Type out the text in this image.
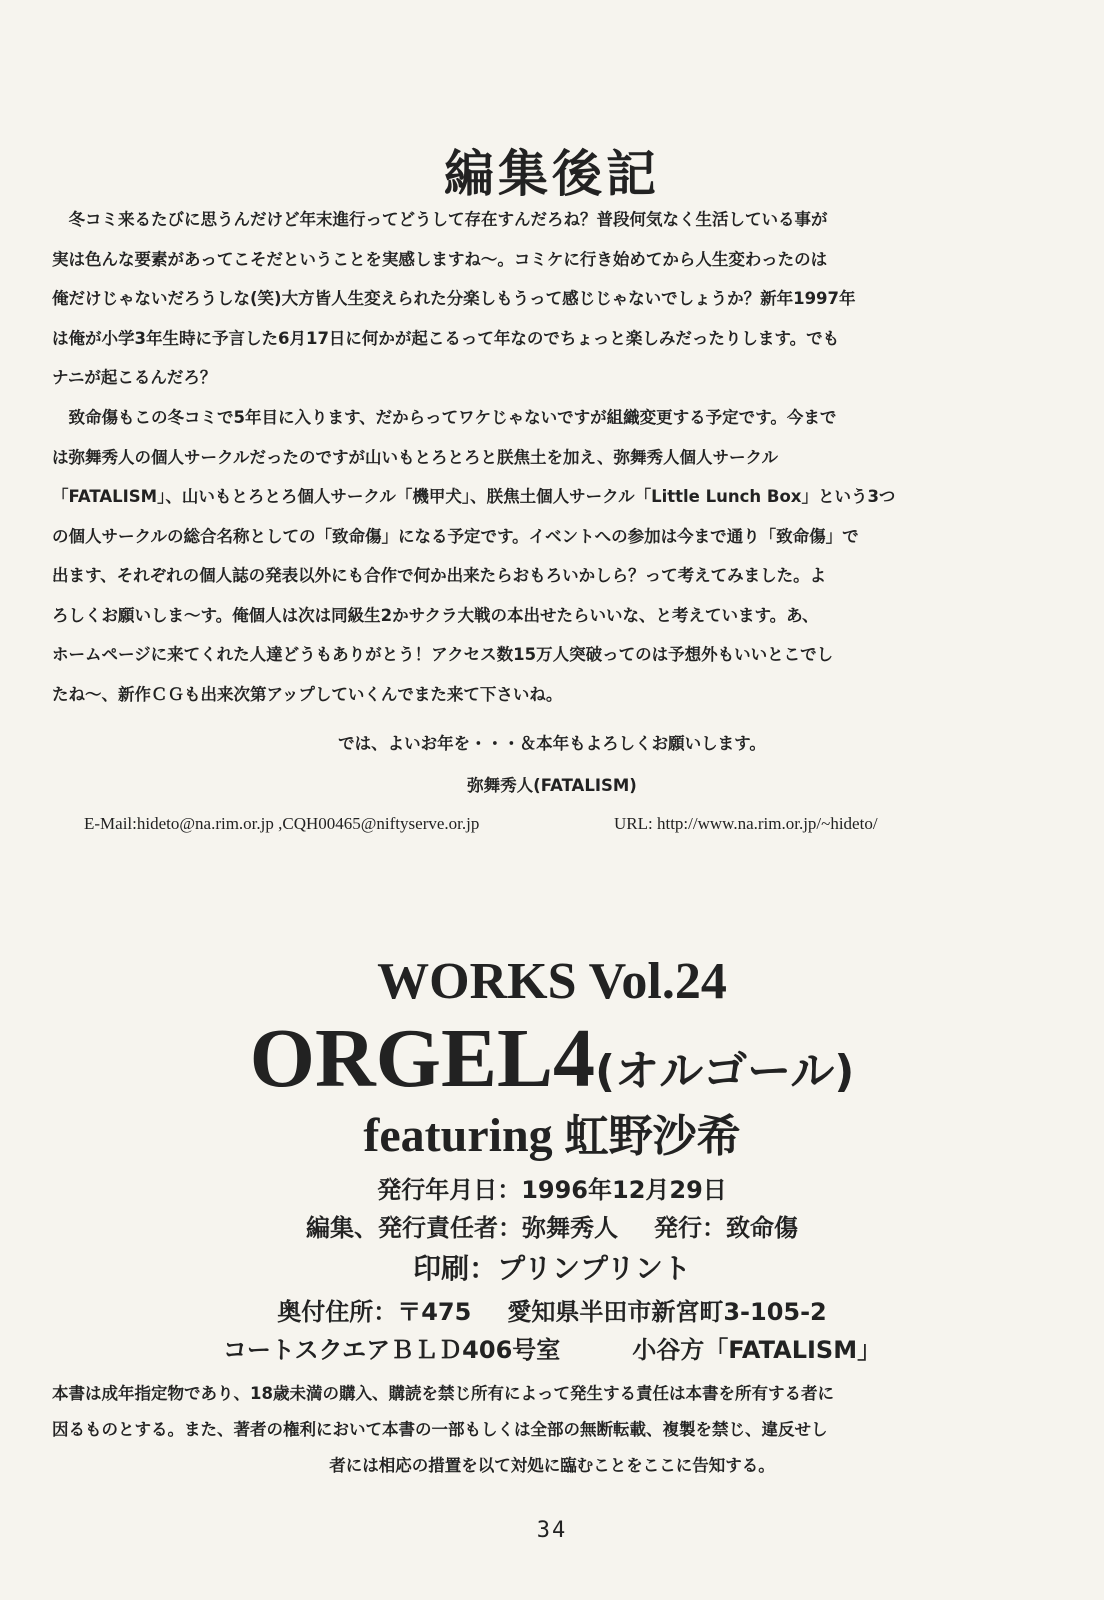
編集後記
　冬コミ来るたびに思うんだけど年末進行ってどうして存在すんだろね？普段何気なく生活している事が
実は色んな要素があってこそだということを実感しますね〜。コミケに行き始めてから人生変わったのは
俺だけじゃないだろうしな(笑)大方皆人生変えられた分楽しもうって感じじゃないでしょうか？新年1997年
は俺が小学3年生時に予言した6月17日に何かが起こるって年なのでちょっと楽しみだったりします。でも
ナニが起こるんだろ？
　致命傷もこの冬コミで5年目に入ります、だからってワケじゃないですが組織変更する予定です。今まで
は弥舞秀人の個人サークルだったのですが山いもとろとろと朕焦土を加え、弥舞秀人個人サークル
「FATALISM」、山いもとろとろ個人サークル「機甲犬」、朕焦土個人サークル「Little Lunch Box」という3つ
の個人サークルの総合名称としての「致命傷」になる予定です。イベントへの参加は今まで通り「致命傷」で
出ます、それぞれの個人誌の発表以外にも合作で何か出来たらおもろいかしら？って考えてみました。よ
ろしくお願いしま〜す。俺個人は次は同級生2かサクラ大戦の本出せたらいいな、と考えています。あ、
ホームページに来てくれた人達どうもありがとう！アクセス数15万人突破ってのは予想外もいいとこでし
たね〜、新作ＣＧも出来次第アップしていくんでまた来て下さいね。
では、よいお年を・・・＆本年もよろしくお願いします。
弥舞秀人(FATALISM)
E-Mail:hideto@na.rim.or.jp ,CQH00465@niftyserve.or.jp	URL: http://www.na.rim.or.jp/~hideto/
WORKS Vol.24
ORGEL4(オルゴール)
featuring 虹野沙希
発行年月日：1996年12月29日
編集、発行責任者：弥舞秀人 発行：致命傷
印刷：プリンプリント
奥付住所：〒475 愛知県半田市新宮町3-105-2
コートスクエアＢＬＤ406号室	小谷方「FATALISM」
本書は成年指定物であり、18歳未満の購入、購読を禁じ所有によって発生する責任は本書を所有する者に
因るものとする。また、著者の権利において本書の一部もしくは全部の無断転載、複製を禁じ、違反せし
者には相応の措置を以て対処に臨むことをここに告知する。
34
